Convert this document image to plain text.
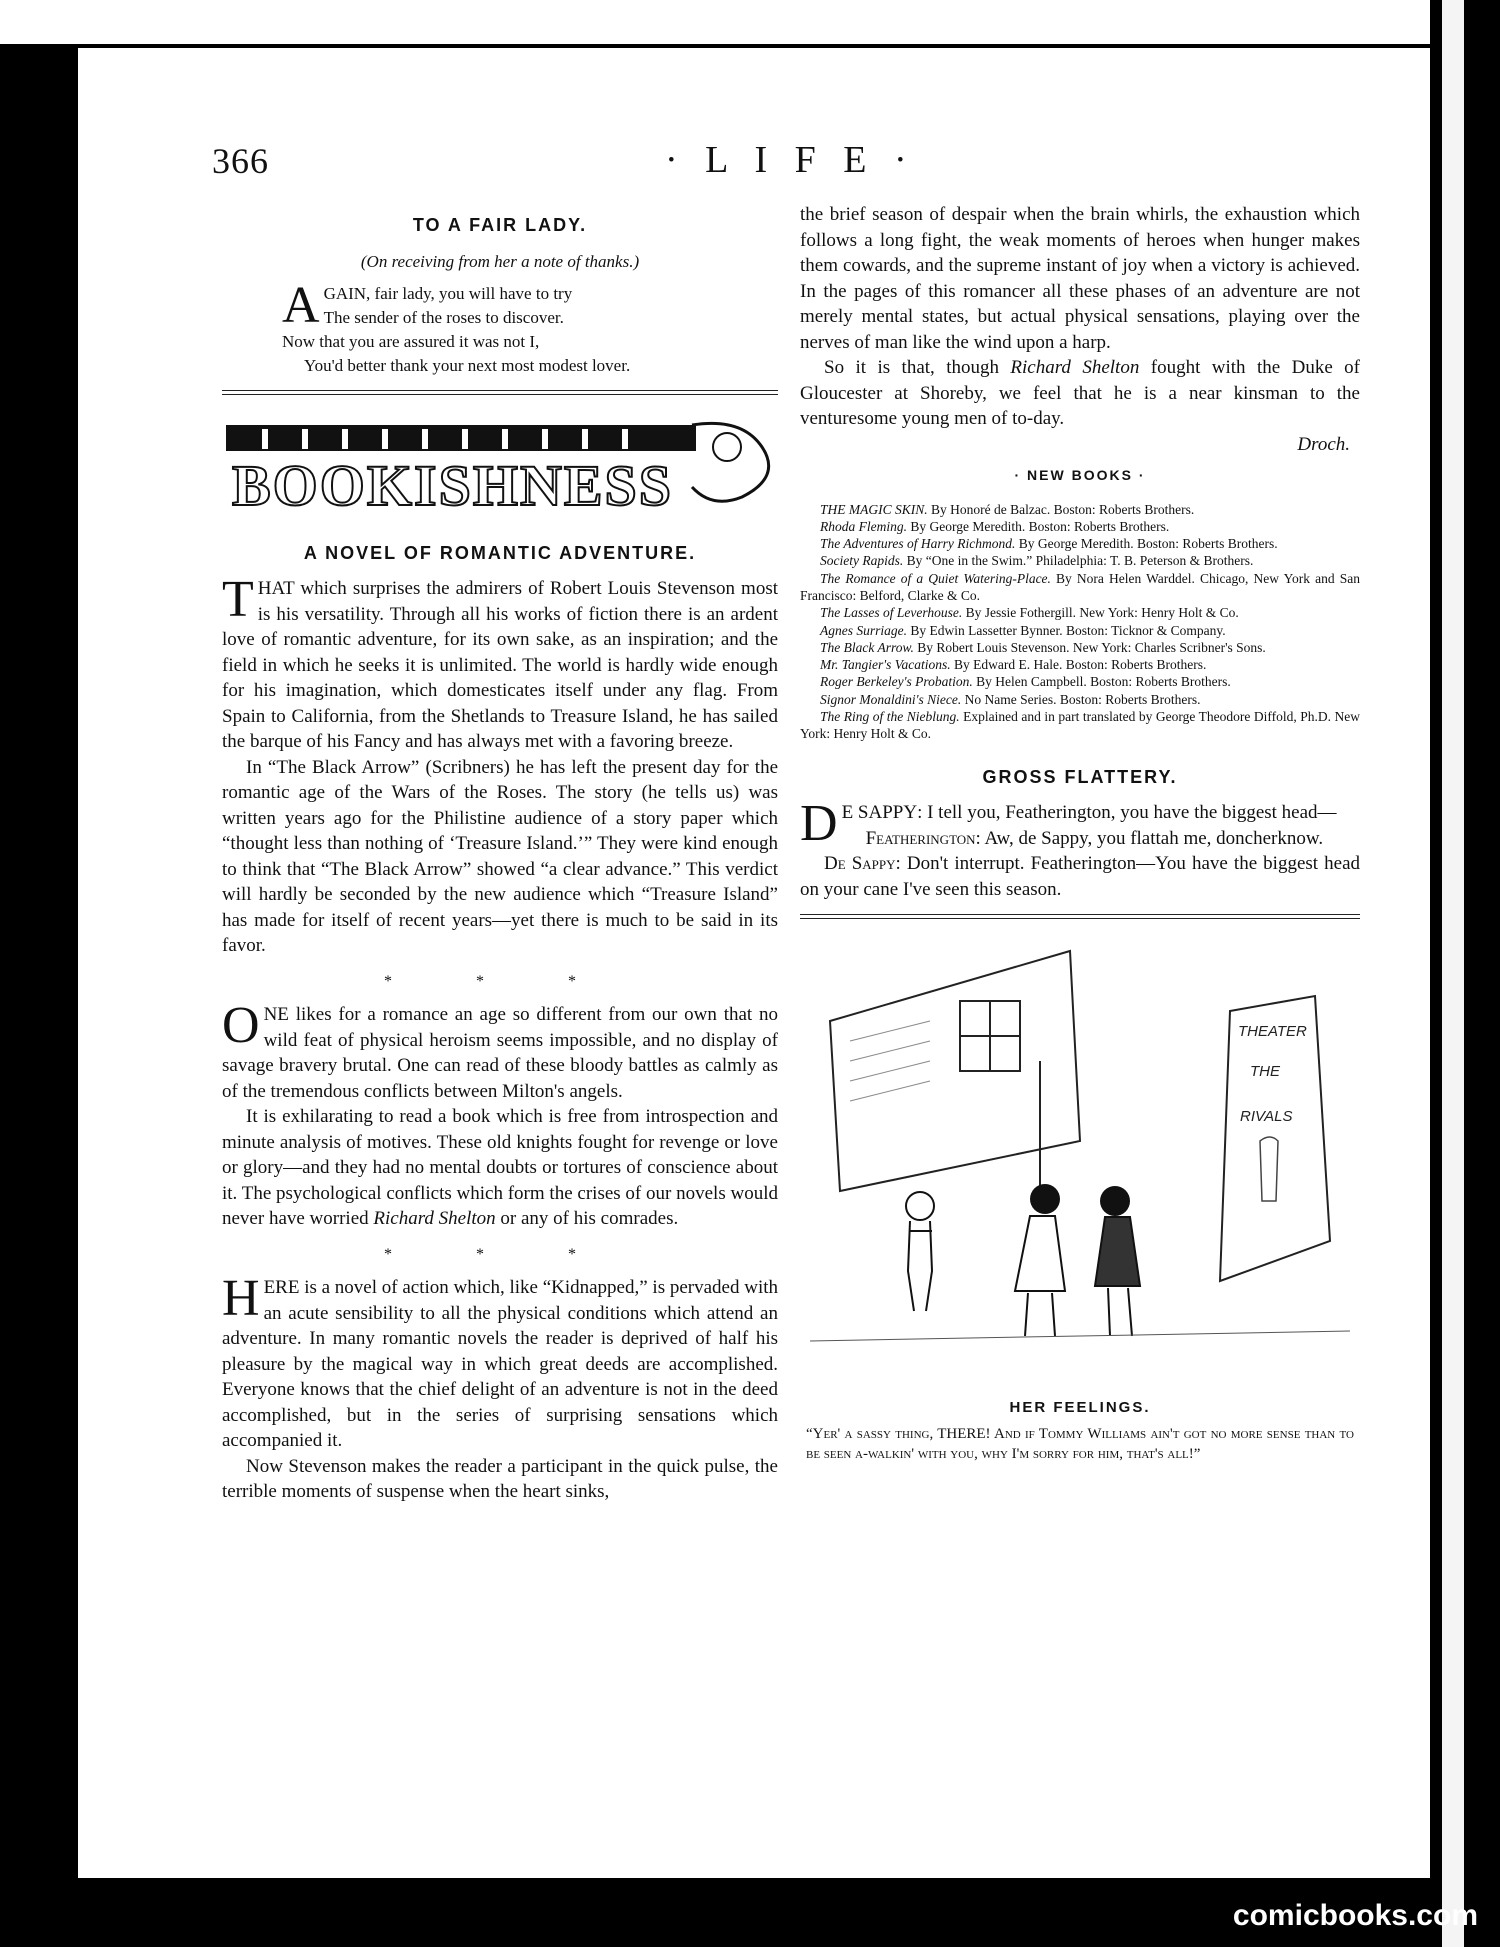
366	· L I F E ·
TO A FAIR LADY.
(On receiving from her a note of thanks.)
A GAIN, fair lady, you will have to try
The sender of the roses to discover.
Now that you are assured it was not I,
You'd better thank your next most modest lover.
BOOKISHNESS
A NOVEL OF ROMANTIC ADVENTURE.

THAT which surprises the admirers of Robert Louis Stevenson most is his versatility. Through all his works of fiction there is an ardent love of romantic adventure, for its own sake, as an inspiration; and the field in which he seeks it is unlimited. The world is hardly wide enough for his imagination, which domesticates itself under any flag. From Spain to California, from the Shetlands to Treasure Island, he has sailed the barque of his Fancy and has always met with a favoring breeze.

In “The Black Arrow” (Scribners) he has left the present day for the romantic age of the Wars of the Roses. The story (he tells us) was written years ago for the Philistine audience of a story paper which “thought less than nothing of ‘Treasure Island.’” They were kind enough to think that “The Black Arrow” showed “a clear advance.” This verdict will hardly be seconded by the new audience which “Treasure Island” has made for itself of recent years—yet there is much to be said in its favor.

* * *

ONE likes for a romance an age so different from our own that no wild feat of physical heroism seems impossible, and no display of savage bravery brutal. One can read of these bloody battles as calmly as of the tremendous conflicts between Milton's angels.

It is exhilarating to read a book which is free from introspection and minute analysis of motives. These old knights fought for revenge or love or glory—and they had no mental doubts or tortures of conscience about it. The psychological conflicts which form the crises of our novels would never have worried Richard Shelton or any of his comrades.

* * *

HERE is a novel of action which, like “Kidnapped,” is pervaded with an acute sensibility to all the physical conditions which attend an adventure. In many romantic novels the reader is deprived of half his pleasure by the magical way in which great deeds are accomplished. Everyone knows that the chief delight of an adventure is not in the deed accomplished, but in the series of surprising sensations which accompanied it.

Now Stevenson makes the reader a participant in the quick pulse, the terrible moments of suspense when the heart sinks,

the brief season of despair when the brain whirls, the exhaustion which follows a long fight, the weak moments of heroes when hunger makes them cowards, and the supreme instant of joy when a victory is achieved. In the pages of this romancer all these phases of an adventure are not merely mental states, but actual physical sensations, playing over the nerves of man like the wind upon a harp.

So it is that, though Richard Shelton fought with the Duke of Gloucester at Shoreby, we feel that he is a near kinsman to the venturesome young men of to-day.

Droch.
· NEW BOOKS ·
THE MAGIC SKIN. By Honoré de Balzac. Boston: Roberts Brothers.
Rhoda Fleming. By George Meredith. Boston: Roberts Brothers.
The Adventures of Harry Richmond. By George Meredith. Boston: Roberts Brothers.
Society Rapids. By “One in the Swim.” Philadelphia: T. B. Peterson & Brothers.
The Romance of a Quiet Watering-Place. By Nora Helen Warddel. Chicago, New York and San Francisco: Belford, Clarke & Co.
The Lasses of Leverhouse. By Jessie Fothergill. New York: Henry Holt & Co.
Agnes Surriage. By Edwin Lassetter Bynner. Boston: Ticknor & Company.
The Black Arrow. By Robert Louis Stevenson. New York: Charles Scribner's Sons.
Mr. Tangier's Vacations. By Edward E. Hale. Boston: Roberts Brothers.
Roger Berkeley's Probation. By Helen Campbell. Boston: Roberts Brothers.
Signor Monaldini's Niece. No Name Series. Boston: Roberts Brothers.
The Ring of the Nieblung. Explained and in part translated by George Theodore Diffold, Ph.D. New York: Henry Holt & Co.
GROSS FLATTERY.

D E SAPPY: I tell you, Featherington, you have the biggest head—

Featherington: Aw, de Sappy, you flattah me, doncherknow.

De Sappy: Don't interrupt. Featherington—You have the biggest head on your cane I've seen this season.

THEATER
THE
RIVALS
HER FEELINGS.
“Yer' a sassy thing, THERE! And if Tommy Williams ain't got no more sense than to be seen a-walkin' with you, why I'm sorry for him, that's all!”
comicbooks.com
